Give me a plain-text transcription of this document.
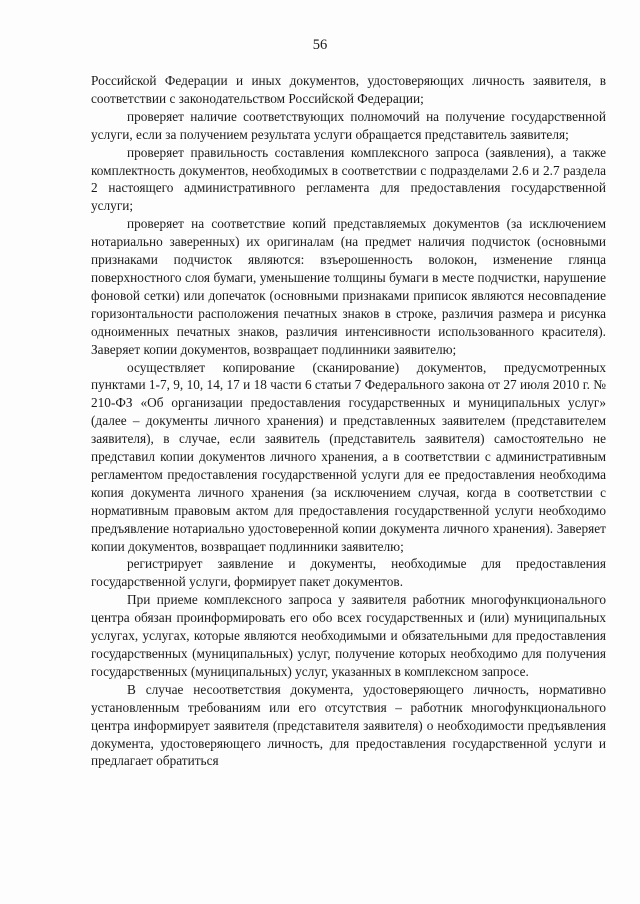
56

Российской Федерации и иных документов, удостоверяющих личность заявителя, в соответствии с законодательством Российской Федерации;

проверяет наличие соответствующих полномочий на получение государственной услуги, если за получением результата услуги обращается представитель заявителя;

проверяет правильность составления комплексного запроса (заявления), а также комплектность документов, необходимых в соответствии с подразделами 2.6 и 2.7 раздела 2 настоящего административного регламента для предоставления государственной услуги;

проверяет на соответствие копий представляемых документов (за исключением нотариально заверенных) их оригиналам (на предмет наличия подчисток (основными признаками подчисток являются: взъерошенность волокон, изменение глянца поверхностного слоя бумаги, уменьшение толщины бумаги в месте подчистки, нарушение фоновой сетки) или допечаток (основными признаками приписок являются несовпадение горизонтальности расположения печатных знаков в строке, различия размера и рисунка одноименных печатных знаков, различия интенсивности использованного красителя). Заверяет копии документов, возвращает подлинники заявителю;

осуществляет копирование (сканирование) документов, предусмотренных пунктами 1-7, 9, 10, 14, 17 и 18 части 6 статьи 7 Федерального закона от 27 июля 2010 г. № 210-ФЗ «Об организации предоставления государственных и муниципальных услуг» (далее – документы личного хранения) и представленных заявителем (представителем заявителя), в случае, если заявитель (представитель заявителя) самостоятельно не представил копии документов личного хранения, а в соответствии с административным регламентом предоставления государственной услуги для ее предоставления необходима копия документа личного хранения (за исключением случая, когда в соответствии с нормативным правовым актом для предоставления государственной услуги необходимо предъявление нотариально удостоверенной копии документа личного хранения). Заверяет копии документов, возвращает подлинники заявителю;

регистрирует заявление и документы, необходимые для предоставления государственной услуги, формирует пакет документов.

При приеме комплексного запроса у заявителя работник многофункционального центра обязан проинформировать его обо всех государственных и (или) муниципальных услугах, услугах, которые являются необходимыми и обязательными для предоставления государственных (муниципальных) услуг, получение которых необходимо для получения государственных (муниципальных) услуг, указанных в комплексном запросе.

В случае несоответствия документа, удостоверяющего личность, нормативно установленным требованиям или его отсутствия – работник многофункционального центра информирует заявителя (представителя заявителя) о необходимости предъявления документа, удостоверяющего личность, для предоставления государственной услуги и предлагает обратиться
